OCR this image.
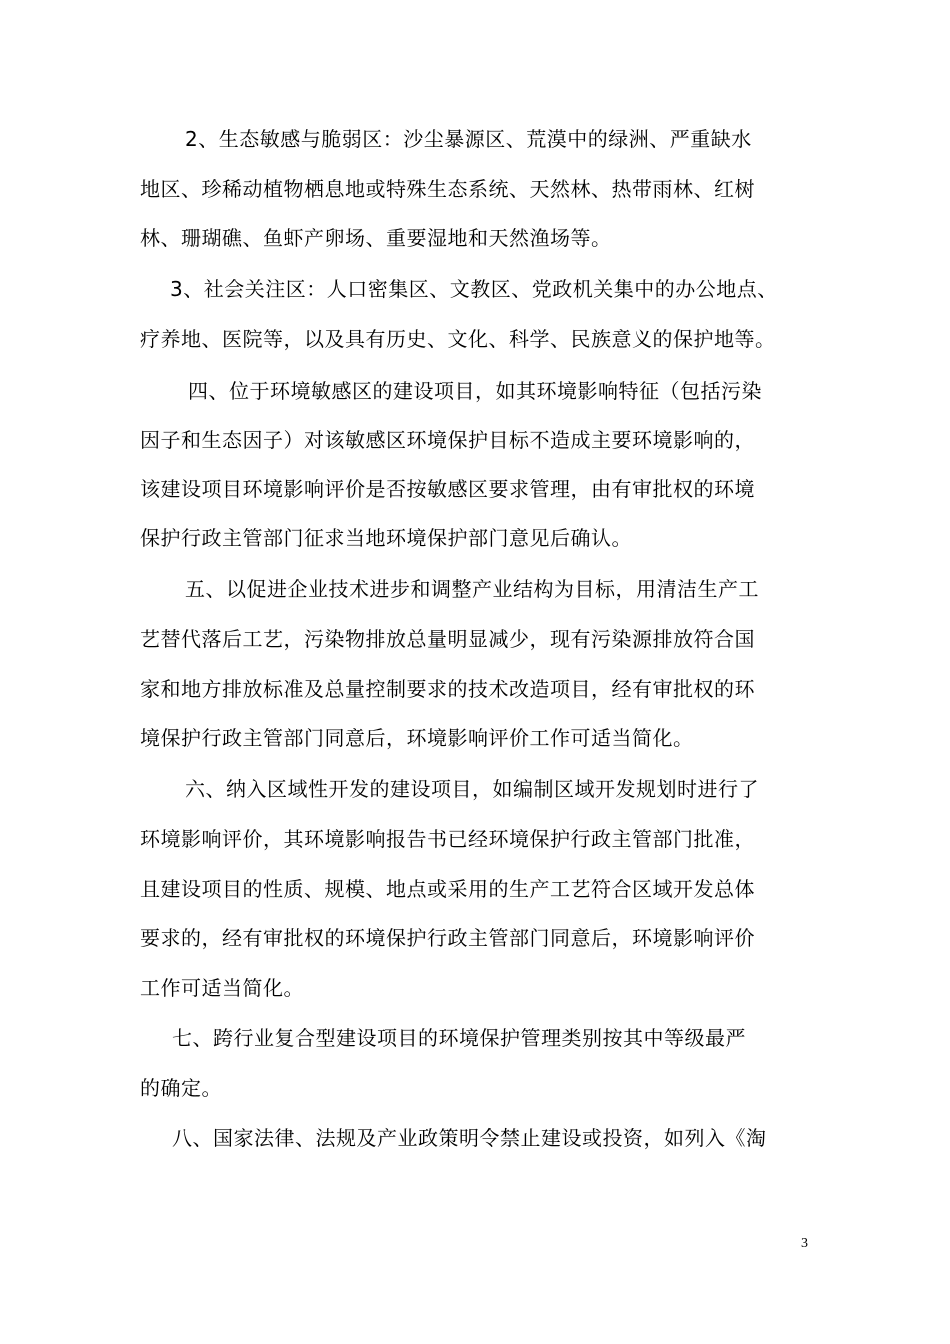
2、生态敏感与脆弱区：沙尘暴源区、荒漠中的绿洲、严重缺水
地区、珍稀动植物栖息地或特殊生态系统、天然林、热带雨林、红树
林、珊瑚礁、鱼虾产卵场、重要湿地和天然渔场等。
3、社会关注区：人口密集区、文教区、党政机关集中的办公地点、
疗养地、医院等，以及具有历史、文化、科学、民族意义的保护地等。
四、位于环境敏感区的建设项目，如其环境影响特征（包括污染
因子和生态因子）对该敏感区环境保护目标不造成主要环境影响的，
该建设项目环境影响评价是否按敏感区要求管理，由有审批权的环境
保护行政主管部门征求当地环境保护部门意见后确认。
五、以促进企业技术进步和调整产业结构为目标，用清洁生产工
艺替代落后工艺，污染物排放总量明显减少，现有污染源排放符合国
家和地方排放标准及总量控制要求的技术改造项目，经有审批权的环
境保护行政主管部门同意后，环境影响评价工作可适当简化。
六、纳入区域性开发的建设项目，如编制区域开发规划时进行了
环境影响评价，其环境影响报告书已经环境保护行政主管部门批准，
且建设项目的性质、规模、地点或采用的生产工艺符合区域开发总体
要求的，经有审批权的环境保护行政主管部门同意后，环境影响评价
工作可适当简化。
七、跨行业复合型建设项目的环境保护管理类别按其中等级最严
的确定。
八、国家法律、法规及产业政策明令禁止建设或投资，如列入《淘
3
